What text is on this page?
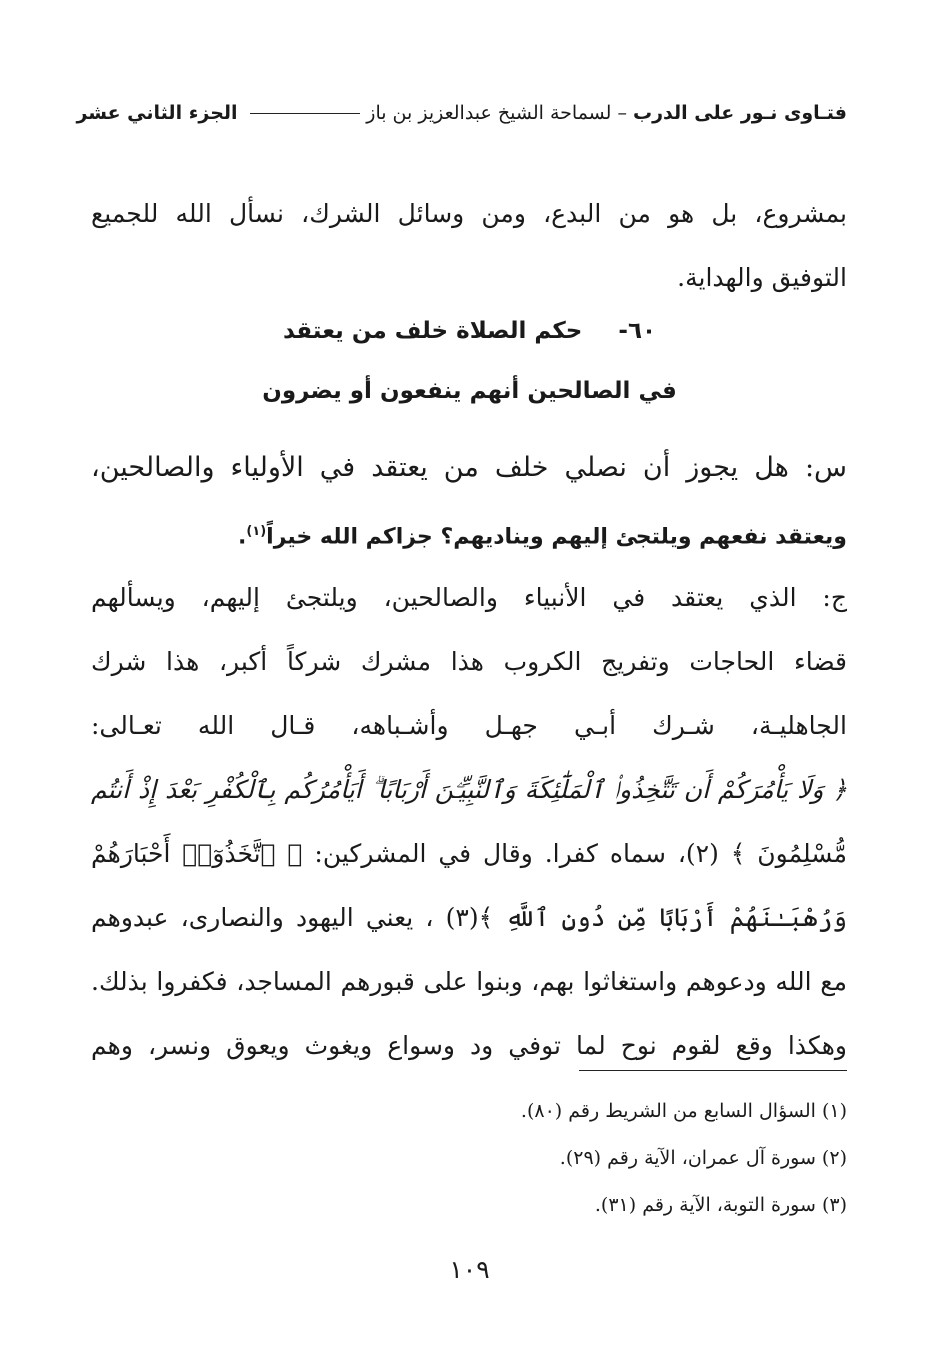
فتـاوى نـور على الدرب – لسماحة الشيخ عبدالعزيز بن باز
الجزء الثاني عشر
بمشروع، بل هو من البدع، ومن وسائل الشرك، نسأل الله للجميع
التوفيق والهداية.
٦٠-  حكم الصلاة خلف من يعتقد
في الصالحين أنهم ينفعون أو يضرون
س: هل يجوز أن نصلي خلف من يعتقد في الأولياء والصالحين،
ويعتقد نفعهم ويلتجئ إليهم ويناديهم؟ جزاكم الله خيراً$^{(١)}$.
ج: الذي يعتقد في الأنبياء والصالحين، ويلتجئ إليهم، ويسألهم
قضاء الحاجات وتفريج الكروب هذا مشرك شركاً أكبر، هذا شرك
الجاهليـة، شـرك أبـي جهـل وأشـباهه، قـال الله تعـالى:
﴿ وَلَا يَأْمُرَكُمْ أَن تَتَّخِذُوا۟ ٱلْمَلَٰٓئِكَةَ وَٱلنَّبِيِّـۧنَ أَرْبَابًا ۗ أَيَأْمُرُكُم بِٱلْكُفْرِ بَعْدَ إِذْ أَنتُم
مُّسْلِمُونَ ﴾ (٢)، سماه كفرا. وقال في المشركين: ﴿ ٱتَّخَذُوٓا۟ أَحْبَارَهُمْ
وَرُهْبَـٰنَهُمْ أَرْبَابًا مِّن دُونِ ٱللَّهِ ﴾(٣) ، يعني اليهود والنصارى، عبدوهم
مع الله ودعوهم واستغاثوا بهم، وبنوا على قبورهم المساجد، فكفروا بذلك.
وهكذا وقع لقوم نوح لما توفي ود وسواع ويغوث ويعوق ونسر، وهم
(١) السؤال السابع من الشريط رقم (٨٠).
(٢) سورة آل عمران، الآية رقم (٢٩).
(٣) سورة التوبة، الآية رقم (٣١).
١٠٩
